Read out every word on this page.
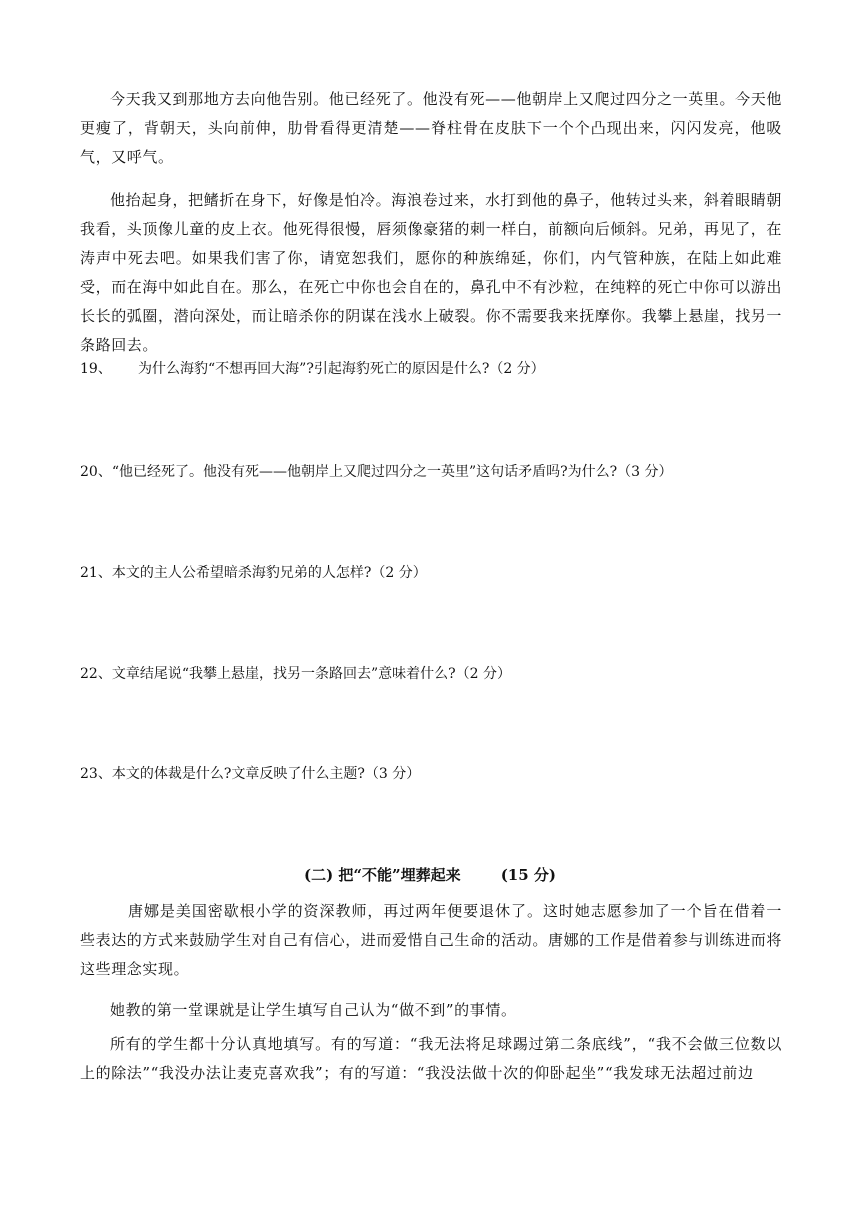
今天我又到那地方去向他告别。他已经死了。他没有死——他朝岸上又爬过四分之一英里。今天他更瘦了，背朝天，头向前伸，肋骨看得更清楚——脊柱骨在皮肤下一个个凸现出来，闪闪发亮，他吸气，又呼气。

他抬起身，把鳍折在身下，好像是怕冷。海浪卷过来，水打到他的鼻子，他转过头来，斜着眼睛朝我看，头顶像儿童的皮上衣。他死得很慢，唇须像豪猪的刺一样白，前额向后倾斜。兄弟，再见了，在涛声中死去吧。如果我们害了你，请宽恕我们，愿你的种族绵延，你们，内气管种族，在陆上如此难受，而在海中如此自在。那么，在死亡中你也会自在的，鼻孔中不有沙粒，在纯粹的死亡中你可以游出长长的弧圈，潜向深处，而让暗杀你的阴谋在浅水上破裂。你不需要我来抚摩你。我攀上悬崖，找另一条路回去。

19、 为什么海豹“不想再回大海”?引起海豹死亡的原因是什么?（2 分）

20、“他已经死了。他没有死——他朝岸上又爬过四分之一英里”这句话矛盾吗?为什么?（3 分）

21、本文的主人公希望暗杀海豹兄弟的人怎样?（2 分）

22、文章结尾说“我攀上悬崖，找另一条路回去”意味着什么?（2 分）

23、本文的体裁是什么?文章反映了什么主题?（3 分）

(二) 把“不能”埋葬起来	(15 分)

唐娜是美国密歇根小学的资深教师，再过两年便要退休了。这时她志愿参加了一个旨在借着一些表达的方式来鼓励学生对自己有信心，进而爱惜自己生命的活动。唐娜的工作是借着参与训练进而将这些理念实现。

她教的第一堂课就是让学生填写自己认为“做不到”的事情。

所有的学生都十分认真地填写。有的写道：“我无法将足球踢过第二条底线”，“我不会做三位数以上的除法”“我没办法让麦克喜欢我”；有的写道：“我没法做十次的仰卧起坐”“我发球无法超过前边
